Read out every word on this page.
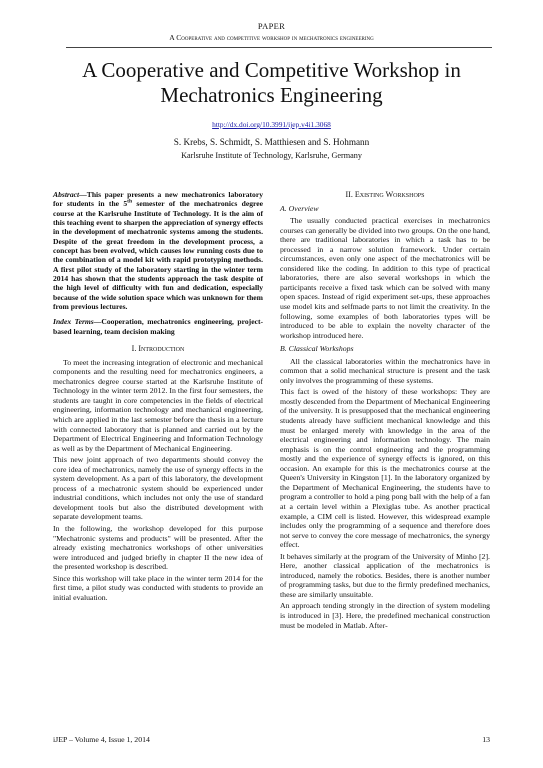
PAPER
A Cooperative and competitive workshop in mechatronics engineering
A Cooperative and Competitive Workshop in Mechatronics Engineering
http://dx.doi.org/10.3991/ijep.v4i1.3068
S. Krebs, S. Schmidt, S. Matthiesen and S. Hohmann
Karlsruhe Institute of Technology, Karlsruhe, Germany

Abstract—This paper presents a new mechatronics laboratory for students in the 5th semester of the mechatronics degree course at the Karlsruhe Institute of Technology. It is the aim of this teaching event to sharpen the appreciation of synergy effects in the development of mechatronic systems among the students. Despite of the great freedom in the development process, a concept has been evolved, which causes low running costs due to the combination of a model kit with rapid prototyping methods. A first pilot study of the laboratory starting in the winter term 2014 has shown that the students approach the task despite of the high level of difficulty with fun and dedication, especially because of the wide solution space which was unknown for them from previous lectures.

Index Terms—Cooperation, mechatronics engineering, project-based learning, team decision making

I. Introduction

To meet the increasing integration of electronic and mechanical components and the resulting need for mechatronics engineers, a mechatronics degree course started at the Karlsruhe Institute of Technology in the winter term 2012. In the first four semesters, the students are taught in core competencies in the fields of electrical engineering, information technology and mechanical engineering, which are applied in the last semester before the thesis in a lecture with connected laboratory that is planned and carried out by the Department of Electrical Engineering and Information Technology as well as by the Department of Mechanical Engineering.

This new joint approach of two departments should convey the core idea of mechatronics, namely the use of synergy effects in the system development. As a part of this laboratory, the development process of a mechatronic system should be experienced under industrial conditions, which includes not only the use of standard development tools but also the distributed development with separate development teams.

In the following, the workshop developed for this purpose "Mechatronic systems and products" will be presented. After the already existing mechatronics workshops of other universities were introduced and judged briefly in chapter II the new idea of the presented workshop is described.

Since this workshop will take place in the winter term 2014 for the first time, a pilot study was conducted with students to provide an initial evaluation.

II. Existing Workshops

A. Overview

The usually conducted practical exercises in mechatronics courses can generally be divided into two groups. On the one hand, there are traditional laboratories in which a task has to be processed in a narrow solution framework. Under certain circumstances, even only one aspect of the mechatronics will be considered like the coding. In addition to this type of practical laboratories, there are also several workshops in which the participants receive a fixed task which can be solved with many open spaces. Instead of rigid experiment set-ups, these approaches use model kits and selfmade parts to not limit the creativity. In the following, some examples of both laboratories types will be introduced to be able to explain the novelty character of the workshop introduced here.

B. Classical Workshops

All the classical laboratories within the mechatronics have in common that a solid mechanical structure is present and the task only involves the programming of these systems.

This fact is owed of the history of these workshops: They are mostly descended from the Department of Mechanical Engineering of the university. It is presupposed that the mechanical engineering students already have sufficient mechanical knowledge and this must be enlarged merely with knowledge in the area of the electrical engineering and information technology. The main emphasis is on the control engineering and the programming mostly and the experience of synergy effects is ignored, on this occasion. An example for this is the mechatronics course at the Queen's University in Kingston [1]. In the laboratory organized by the Department of Mechanical Engineering, the students have to program a controller to hold a ping pong ball with the help of a fan at a certain level within a Plexiglas tube. As another practical example, a CIM cell is listed. However, this widespread example includes only the programming of a sequence and therefore does not serve to convey the core message of mechatronics, the synergy effect.

It behaves similarly at the program of the University of Minho [2]. Here, another classical application of the mechatronics is introduced, namely the robotics. Besides, there is another number of programming tasks, but due to the firmly predefined mechanics, these are similarly unsuitable.

An approach tending strongly in the direction of system modeling is introduced in [3]. Here, the predefined mechanical construction must be modeled in Matlab. After-

iJEP – Volume 4, Issue 1, 2014	13
